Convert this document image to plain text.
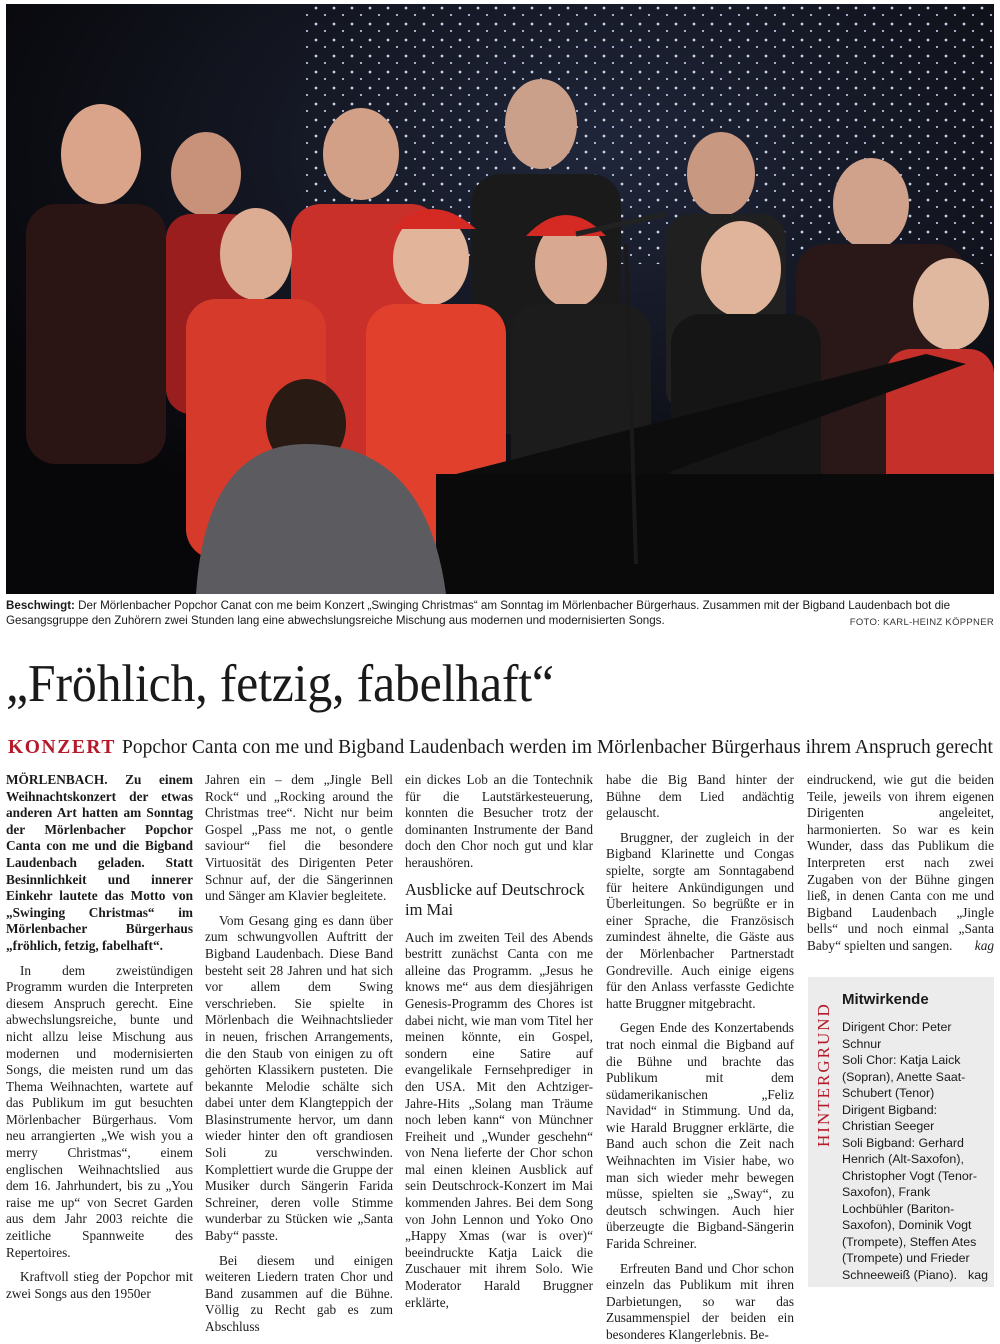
Beschwingt: Der Mörlenbacher Popchor Canat con me beim Konzert „Swinging Christmas“ am Sonntag im Mörlenbacher Bürgerhaus. Zusammen mit der Bigband Laudenbach bot die Gesangsgruppe den Zuhörern zwei Stunden lang eine abwechslungsreiche Mischung aus modernen und modernisierten Songs.	FOTO: KARL-HEINZ KÖPPNER
„Fröhlich, fetzig, fabelhaft“
KONZERT Popchor Canta con me und Bigband Laudenbach werden im Mörlenbacher Bürgerhaus ihrem Anspruch gerecht

MÖRLENBACH. Zu einem Weihnachtskonzert der etwas anderen Art hatten am Sonntag der Mörlenbacher Popchor Canta con me und die Bigband Laudenbach geladen. Statt Besinnlichkeit und innerer Einkehr lautete das Motto von „Swinging Christmas“ im Mörlenbacher Bürgerhaus „fröhlich, fetzig, fabelhaft“.

In dem zweistündigen Programm wurden die Interpreten diesem Anspruch gerecht. Eine abwechslungsreiche, bunte und nicht allzu leise Mischung aus modernen und modernisierten Songs, die meisten rund um das Thema Weihnachten, wartete auf das Publikum im gut besuchten Mörlenbacher Bürgerhaus. Vom neu arrangierten „We wish you a merry Christmas“, einem englischen Weihnachtslied aus dem 16. Jahrhundert, bis zu „You raise me up“ von Secret Garden aus dem Jahr 2003 reichte die zeitliche Spannweite des Repertoires.

Kraftvoll stieg der Popchor mit zwei Songs aus den 1950er

Jahren ein – dem „Jingle Bell Rock“ und „Rocking around the Christmas tree“. Nicht nur beim Gospel „Pass me not, o gentle saviour“ fiel die besondere Virtuosität des Dirigenten Peter Schnur auf, der die Sängerinnen und Sänger am Klavier begleitete.

Vom Gesang ging es dann über zum schwungvollen Auftritt der Bigband Laudenbach. Diese Band besteht seit 28 Jahren und hat sich vor allem dem Swing verschrieben. Sie spielte in Mörlenbach die Weihnachtslieder in neuen, frischen Arrangements, die den Staub von einigen zu oft gehörten Klassikern pusteten. Die bekannte Melodie schälte sich dabei unter dem Klangteppich der Blasinstrumente hervor, um dann wieder hinter den oft grandiosen Soli zu verschwinden. Komplettiert wurde die Gruppe der Musiker durch Sängerin Farida Schreiner, deren volle Stimme wunderbar zu Stücken wie „Santa Baby“ passte.

Bei diesem und einigen weiteren Liedern traten Chor und Band zusammen auf die Bühne. Völlig zu Recht gab es zum Abschluss

ein dickes Lob an die Tontechnik für die Lautstärkesteuerung, konnten die Besucher trotz der dominanten Instrumente der Band doch den Chor noch gut und klar heraushören.

Ausblicke auf Deutschrock im Mai

Auch im zweiten Teil des Abends bestritt zunächst Canta con me alleine das Programm. „Jesus he knows me“ aus dem diesjährigen Genesis-Programm des Chores ist dabei nicht, wie man vom Titel her meinen könnte, ein Gospel, sondern eine Satire auf evangelikale Fernsehprediger in den USA. Mit den Achtziger-Jahre-Hits „Solang man Träume noch leben kann“ von Münchner Freiheit und „Wunder geschehn“ von Nena lieferte der Chor schon mal einen kleinen Ausblick auf sein Deutschrock-Konzert im Mai kommenden Jahres. Bei dem Song von John Lennon und Yoko Ono „Happy Xmas (war is over)“ beeindruckte Katja Laick die Zuschauer mit ihrem Solo. Wie Moderator Harald Bruggner erklärte,

habe die Big Band hinter der Bühne dem Lied andächtig gelauscht.

Bruggner, der zugleich in der Bigband Klarinette und Congas spielte, sorgte am Sonntagabend für heitere Ankündigungen und Überleitungen. So begrüßte er in einer Sprache, die Französisch zumindest ähnelte, die Gäste aus der Mörlenbacher Partnerstadt Gondreville. Auch einige eigens für den Anlass verfasste Gedichte hatte Bruggner mitgebracht.

Gegen Ende des Konzertabends trat noch einmal die Bigband auf die Bühne und brachte das Publikum mit dem südamerikanischen „Feliz Navidad“ in Stimmung. Und da, wie Harald Bruggner erklärte, die Band auch schon die Zeit nach Weihnachten im Visier habe, wo man sich wieder mehr bewegen müsse, spielten sie „Sway“, zu deutsch schwingen. Auch hier überzeugte die Bigband-Sängerin Farida Schreiner.

Erfreuten Band und Chor schon einzeln das Publikum mit ihren Darbietungen, so war das Zusammenspiel der beiden ein besonderes Klangerlebnis. Be-

eindruckend, wie gut die beiden Teile, jeweils von ihrem eigenen Dirigenten angeleitet, harmonierten. So war es kein Wunder, dass das Publikum die Interpreten erst nach zwei Zugaben von der Bühne gingen ließ, in denen Canta con me und Bigband Laudenbach „Jingle bells“ und noch einmal „Santa Baby“ spielten und sangen. kag

HINTERGRUND
Mitwirkende

Dirigent Chor: Peter Schnur

Soli Chor: Katja Laick (Sopran), Anette Saat-Schubert (Tenor)

Dirigent Bigband: Christian Seeger

Soli Bigband: Gerhard Henrich (Alt-Saxofon), Christopher Vogt (Tenor-Saxofon), Frank Lochbühler (Bariton-Saxofon), Dominik Vogt (Trompete), Steffen Ates (Trompete) und Frieder Schneeweiß (Piano). kag
